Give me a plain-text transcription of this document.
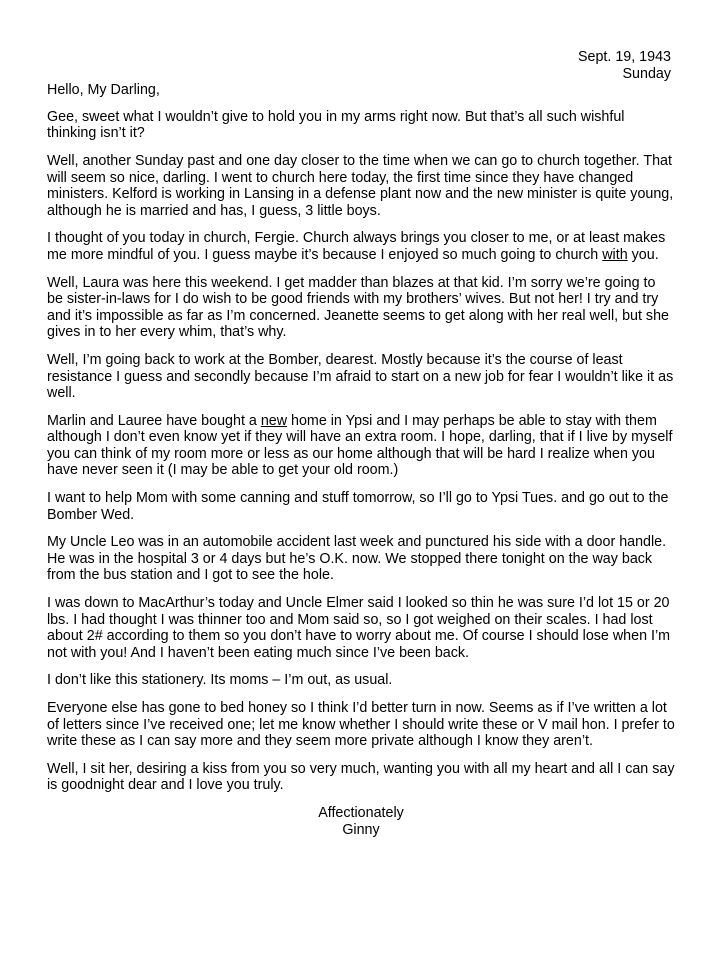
Sept. 19, 1943
Sunday
Hello, My Darling,

Gee, sweet what I wouldn’t give to hold you in my arms right now. But that’s all such wishful thinking isn’t it?

Well, another Sunday past and one day closer to the time when we can go to church together. That will seem so nice, darling. I went to church here today, the first time since they have changed ministers. Kelford is working in Lansing in a defense plant now and the new minister is quite young, although he is married and has, I guess, 3 little boys.

I thought of you today in church, Fergie. Church always brings you closer to me, or at least makes me more mindful of you. I guess maybe it’s because I enjoyed so much going to church with you.

Well, Laura was here this weekend. I get madder than blazes at that kid. I’m sorry we’re going to be sister-in-laws for I do wish to be good friends with my brothers’ wives. But not her! I try and try and it’s impossible as far as I’m concerned. Jeanette seems to get along with her real well, but she gives in to her every whim, that’s why.

Well, I’m going back to work at the Bomber, dearest. Mostly because it’s the course of least resistance I guess and secondly because I’m afraid to start on a new job for fear I wouldn’t like it as well.

Marlin and Lauree have bought a new home in Ypsi and I may perhaps be able to stay with them although I don’t even know yet if they will have an extra room. I hope, darling, that if I live by myself you can think of my room more or less as our home although that will be hard I realize when you have never seen it (I may be able to get your old room.)

I want to help Mom with some canning and stuff tomorrow, so I’ll go to Ypsi Tues. and go out to the Bomber Wed.

My Uncle Leo was in an automobile accident last week and punctured his side with a door handle. He was in the hospital 3 or 4 days but he’s O.K. now. We stopped there tonight on the way back from the bus station and I got to see the hole.

I was down to MacArthur’s today and Uncle Elmer said I looked so thin he was sure I’d lot 15 or 20 lbs. I had thought I was thinner too and Mom said so, so I got weighed on their scales. I had lost about 2# according to them so you don’t have to worry about me. Of course I should lose when I’m not with you! And I haven’t been eating much since I’ve been back.

I don’t like this stationery. Its moms – I’m out, as usual.

Everyone else has gone to bed honey so I think I’d better turn in now. Seems as if I’ve written a lot of letters since I’ve received one; let me know whether I should write these or V mail hon. I prefer to write these as I can say more and they seem more private although I know they aren’t.

Well, I sit her, desiring a kiss from you so very much, wanting you with all my heart and all I can say is goodnight dear and I love you truly.

Affectionately
Ginny
